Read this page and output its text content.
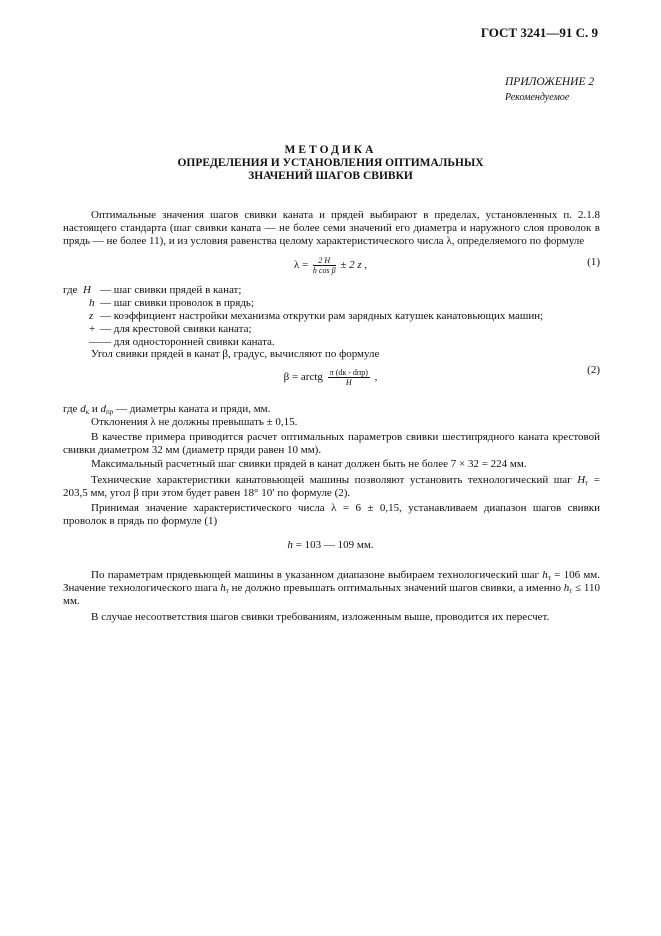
ГОСТ 3241—91 С. 9
ПРИЛОЖЕНИЕ 2
Рекомендуемое
МЕТОДИКА
ОПРЕДЕЛЕНИЯ И УСТАНОВЛЕНИЯ ОПТИМАЛЬНЫХ
ЗНАЧЕНИЙ ШАГОВ СВИВКИ
Оптимальные значения шагов свивки каната и прядей выбирают в пределах, установленных п. 2.1.8 настоящего стандарта (шаг свивки каната — не более семи значений его диаметра и наружного слоя проволок в прядь — не более 11), и из условия равенства целому характеристического числа λ, определяемого по формуле
$\lambda = \frac{2 H}{\text{h cos β}} \pm 2$ z ,	(1)
где H — шаг свивки прядей в канат;
h — шаг свивки проволок в прядь;
z — коэффициент настройки механизма открутки рам зарядных катушек канатовьющих машин;
+ — для крестовой свивки каната;
— — для односторонней свивки каната.
Угол свивки прядей в канат β, градус, вычисляют по формуле
β = arctg $\frac{\text{π (dк - dпр)}}{H}$ ,
(2)
где $d_к$ и $d_{пр}$ — диаметры каната и пряди, мм.
Отклонения λ не должны превышать ± 0,15.
В качестве примера приводится расчет оптимальных параметров свивки шестипрядного каната крестовой свивки диаметром 32 мм (диаметр пряди равен 10 мм).
Максимальный расчетный шаг свивки прядей в канат должен быть не более 7 × 32 = 224 мм.
Технические характеристики канатовьющей машины позволяют установить технологический шаг $H_т = 203,5$ мм, угол β при этом будет равен 18° 10′ по формуле (2).
Принимая значение характеристического числа λ = 6 ± 0,15, устанавливаем диапазон шагов свивки проволок в прядь по формуле (1)
h = 103 — 109 мм.
По параметрам прядевьющей машины в указанном диапазоне выбираем технологический шаг $h_т = 106$ мм. Значение технологического шага $h_т$ не должно превышать оптимальных значений шагов свивки, а именно $h_т \le 110$ мм.
В случае несоответствия шагов свивки требованиям, изложенным выше, проводится их пересчет.
